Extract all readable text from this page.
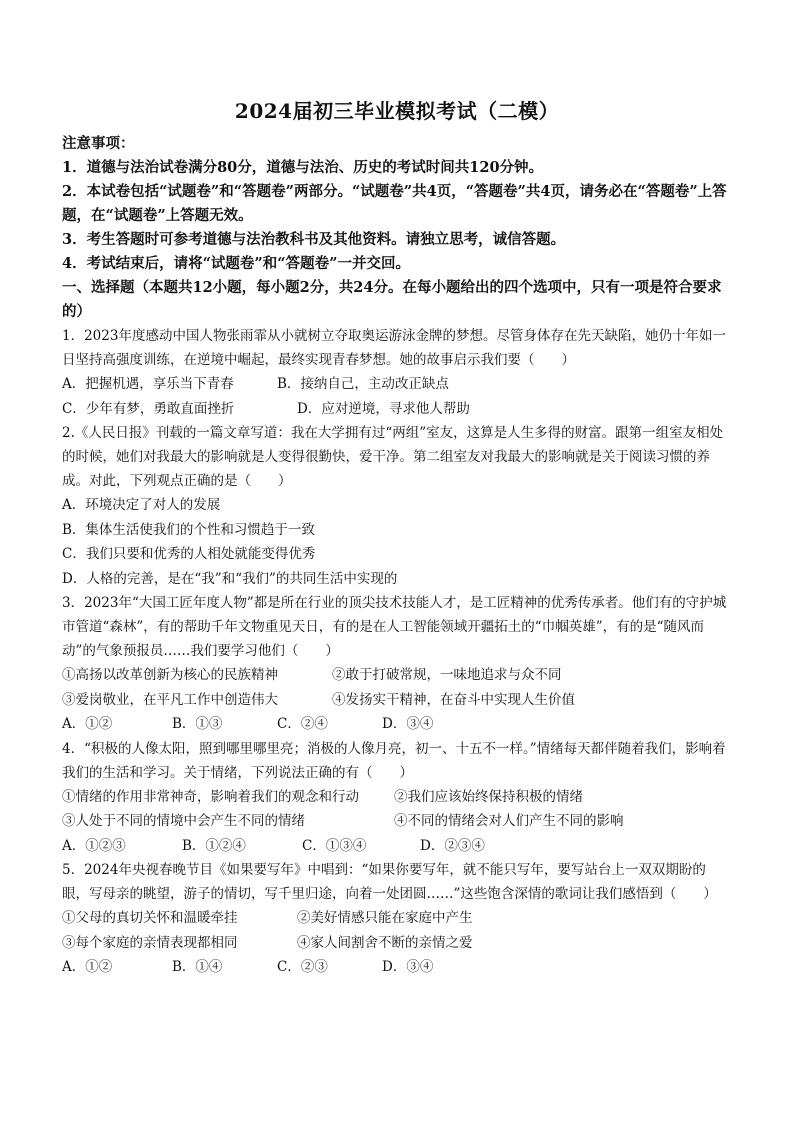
2024届初三毕业模拟考试（二模）
注意事项：
1．道德与法治试卷满分80分，道德与法治、历史的考试时间共120分钟。
2．本试卷包括“试题卷”和“答题卷”两部分。“试题卷”共4页，“答题卷”共4页，请务必在“答题卷”上答题，在“试题卷”上答题无效。
3．考生答题时可参考道德与法治教科书及其他资料。请独立思考，诚信答题。
4．考试结束后，请将“试题卷”和“答题卷”一并交回。
一、选择题（本题共12小题，每小题2分，共24分。在每小题给出的四个选项中，只有一项是符合要求的）
1．2023年度感动中国人物张雨霏从小就树立夺取奥运游泳金牌的梦想。尽管身体存在先天缺陷，她仍十年如一日坚持高强度训练，在逆境中崛起，最终实现青春梦想。她的故事启示我们要（　　）
A．把握机遇，享乐当下青春	B．接纳自己，主动改正缺点
C．少年有梦，勇敢直面挫折	D．应对逆境，寻求他人帮助
2.《人民日报》刊载的一篇文章写道：我在大学拥有过“两组”室友，这算是人生多得的财富。跟第一组室友相处的时候，她们对我最大的影响就是人变得很勤快，爱干净。第二组室友对我最大的影响就是关于阅读习惯的养成。对此，下列观点正确的是（　　）
A．环境决定了对人的发展
B．集体生活使我们的个性和习惯趋于一致
C．我们只要和优秀的人相处就能变得优秀
D．人格的完善，是在“我”和“我们”的共同生活中实现的
3．2023年“大国工匠年度人物”都是所在行业的顶尖技术技能人才，是工匠精神的优秀传承者。他们有的守护城市管道“森林”，有的帮助千年文物重见天日，有的是在人工智能领域开疆拓土的“巾帼英雄”，有的是“随风而动”的气象预报员……我们要学习他们（　　）
①高扬以改革创新为核心的民族精神	②敢于打破常规，一味地追求与众不同
③爱岗敬业，在平凡工作中创造伟大	④发扬实干精神，在奋斗中实现人生价值
A．①②	B．①③	C．②④	D．③④
4．“积极的人像太阳，照到哪里哪里亮；消极的人像月亮，初一、十五不一样。”情绪每天都伴随着我们，影响着我们的生活和学习。关于情绪，下列说法正确的有（　　）
①情绪的作用非常神奇，影响着我们的观念和行动	②我们应该始终保持积极的情绪
③人处于不同的情境中会产生不同的情绪	④不同的情绪会对人们产生不同的影响
A．①②③	B．①②④	C．①③④	D．②③④
5．2024年央视春晚节目《如果要写年》中唱到：“如果你要写年，就不能只写年，要写站台上一双双期盼的眼，写母亲的眺望，游子的情切，写千里归途，向着一处团圆……”这些饱含深情的歌词让我们感悟到（　　）
①父母的真切关怀和温暖牵挂	②美好情感只能在家庭中产生
③每个家庭的亲情表现都相同	④家人间割舍不断的亲情之爱
A．①②	B．①④	C．②③	D．③④
